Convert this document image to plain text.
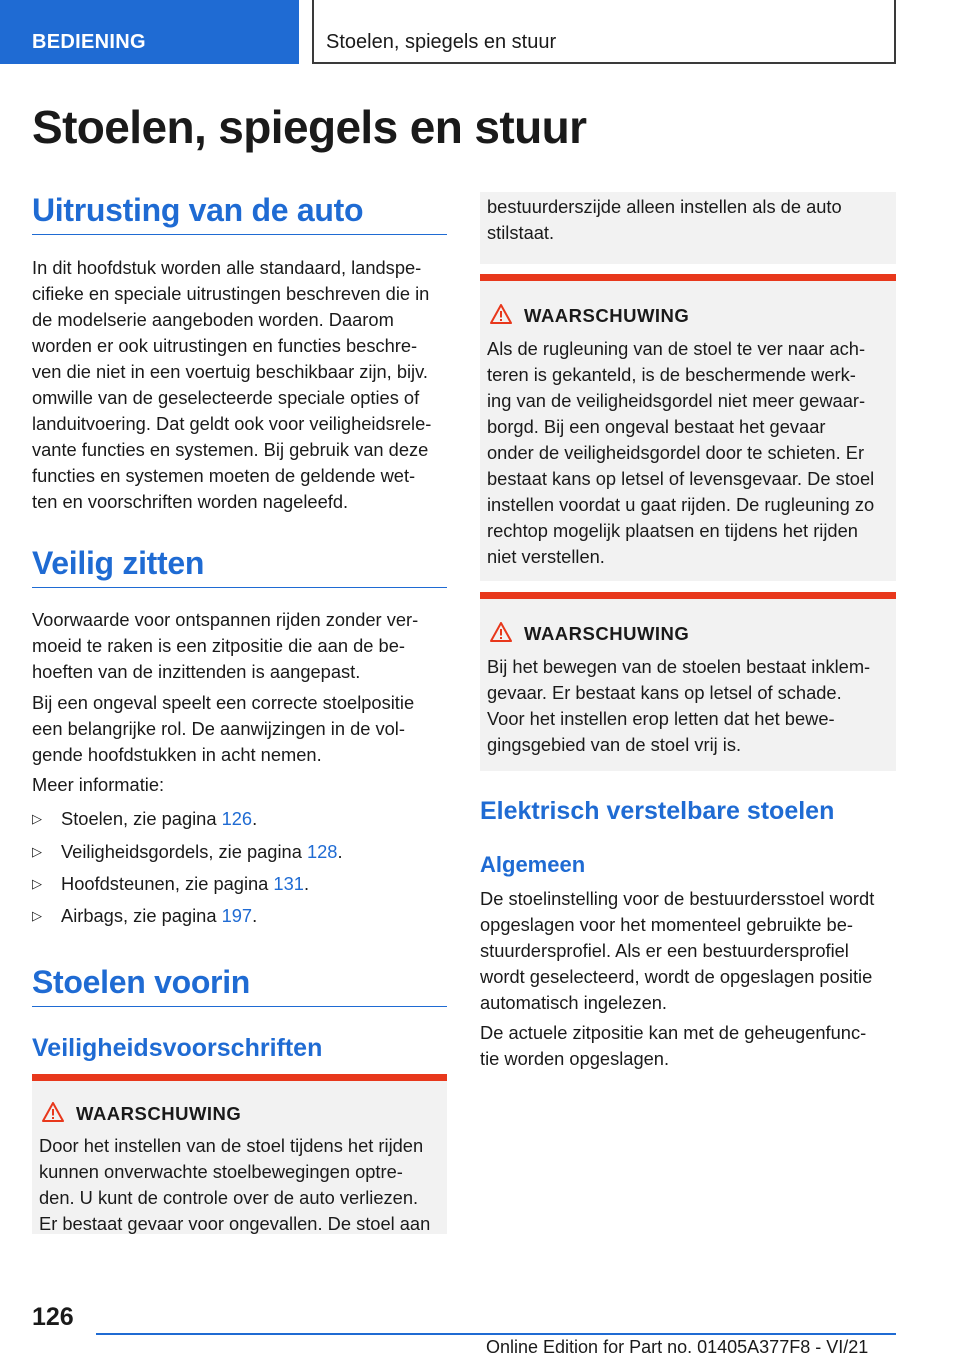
BEDIENING	Stoelen, spiegels en stuur
Stoelen, spiegels en stuur
Uitrusting van de auto
In dit hoofdstuk worden alle standaard, landspe-
cifieke en speciale uitrustingen beschreven die in
de modelserie aangeboden worden. Daarom
worden er ook uitrustingen en functies beschre-
ven die niet in een voertuig beschikbaar zijn, bijv.
omwille van de geselecteerde speciale opties of
landuitvoering. Dat geldt ook voor veiligheidsrele-
vante functies en systemen. Bij gebruik van deze
functies en systemen moeten de geldende wet-
ten en voorschriften worden nageleefd.
Veilig zitten
Voorwaarde voor ontspannen rijden zonder ver-
moeid te raken is een zitpositie die aan de be-
hoeften van de inzittenden is aangepast.
Bij een ongeval speelt een correcte stoelpositie
een belangrijke rol. De aanwijzingen in de vol-
gende hoofdstukken in acht nemen.
Meer informatie:
▷ Stoelen, zie pagina 126.
▷ Veiligheidsgordels, zie pagina 128.
▷ Hoofdsteunen, zie pagina 131.
▷ Airbags, zie pagina 197.
Stoelen voorin
Veiligheidsvoorschriften
WAARSCHUWING
Door het instellen van de stoel tijdens het rijden
kunnen onverwachte stoelbewegingen optre-
den. U kunt de controle over de auto verliezen.
Er bestaat gevaar voor ongevallen. De stoel aan
bestuurderszijde alleen instellen als de auto
stilstaat.
WAARSCHUWING
Als de rugleuning van de stoel te ver naar ach-
teren is gekanteld, is de beschermende werk-
ing van de veiligheidsgordel niet meer gewaar-
borgd. Bij een ongeval bestaat het gevaar
onder de veiligheidsgordel door te schieten. Er
bestaat kans op letsel of levensgevaar. De stoel
instellen voordat u gaat rijden. De rugleuning zo
rechtop mogelijk plaatsen en tijdens het rijden
niet verstellen.
WAARSCHUWING
Bij het bewegen van de stoelen bestaat inklem-
gevaar. Er bestaat kans op letsel of schade.
Voor het instellen erop letten dat het bewe-
gingsgebied van de stoel vrij is.
Elektrisch verstelbare stoelen
Algemeen
De stoelinstelling voor de bestuurdersstoel wordt
opgeslagen voor het momenteel gebruikte be-
stuurdersprofiel. Als er een bestuurdersprofiel
wordt geselecteerd, wordt de opgeslagen positie
automatisch ingelezen.
De actuele zitpositie kan met de geheugenfunc-
tie worden opgeslagen.
126
Online Edition for Part no. 01405A377F8 - VI/21
